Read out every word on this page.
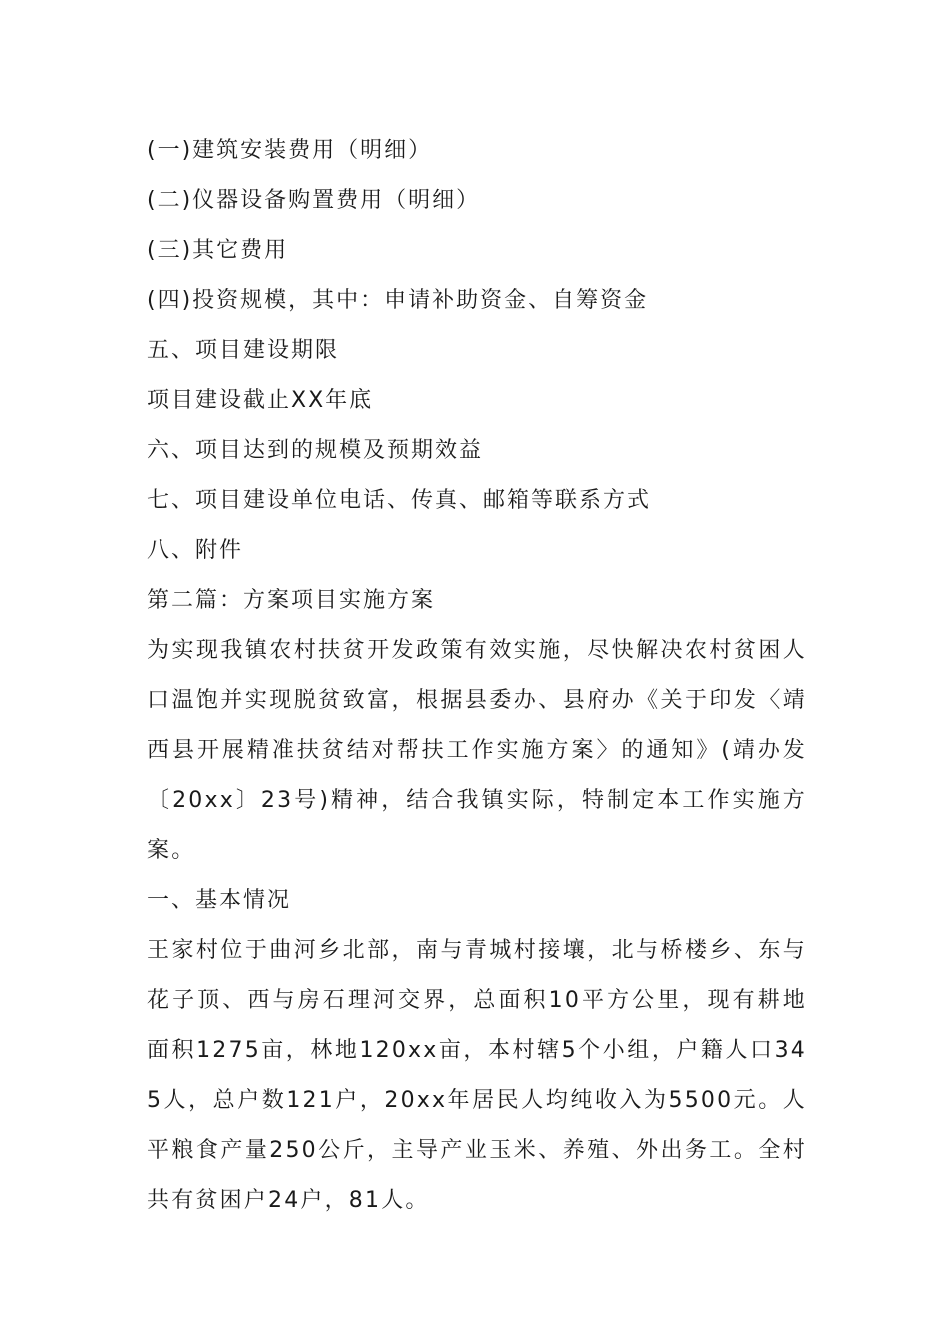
(一)建筑安装费用（明细）
(二)仪器设备购置费用（明细）
(三)其它费用
(四)投资规模，其中：申请补助资金、自筹资金
五、项目建设期限
项目建设截止XX年底
六、项目达到的规模及预期效益
七、项目建设单位电话、传真、邮箱等联系方式
八、附件
第二篇：方案项目实施方案
为实现我镇农村扶贫开发政策有效实施，尽快解决农村贫困人口温饱并实现脱贫致富，根据县委办、县府办《关于印发〈靖西县开展精准扶贫结对帮扶工作实施方案〉的通知》(靖办发〔20xx〕23号)精神，结合我镇实际，特制定本工作实施方案。
一、基本情况
王家村位于曲河乡北部，南与青城村接壤，北与桥楼乡、东与花子顶、西与房石理河交界，总面积10平方公里，现有耕地面积1275亩，林地120xx亩，本村辖5个小组，户籍人口345人，总户数121户，20xx年居民人均纯收入为5500元。人平粮食产量250公斤，主导产业玉米、养殖、外出务工。全村共有贫困户24户，81人。
